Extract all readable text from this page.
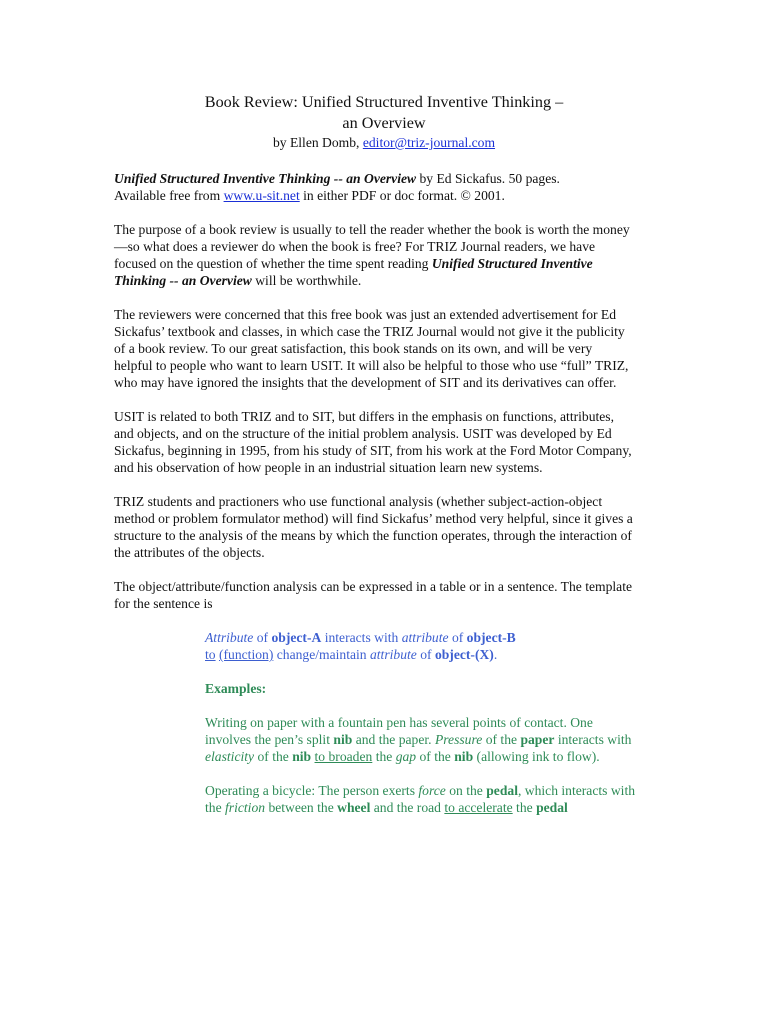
Book Review: Unified Structured Inventive Thinking –
an Overview
by Ellen Domb, editor@triz-journal.com

Unified Structured Inventive Thinking -- an Overview by Ed Sickafus. 50 pages.
Available free from www.u-sit.net in either PDF or doc format. © 2001.

The purpose of a book review is usually to tell the reader whether the book is worth the money—so what does a reviewer do when the book is free? For TRIZ Journal readers, we have focused on the question of whether the time spent reading Unified Structured Inventive Thinking -- an Overview will be worthwhile.

The reviewers were concerned that this free book was just an extended advertisement for Ed Sickafus’ textbook and classes, in which case the TRIZ Journal would not give it the publicity of a book review. To our great satisfaction, this book stands on its own, and will be very helpful to people who want to learn USIT. It will also be helpful to those who use “full” TRIZ, who may have ignored the insights that the development of SIT and its derivatives can offer.

USIT is related to both TRIZ and to SIT, but differs in the emphasis on functions, attributes, and objects, and on the structure of the initial problem analysis. USIT was developed by Ed Sickafus, beginning in 1995, from his study of SIT, from his work at the Ford Motor Company, and his observation of how people in an industrial situation learn new systems.

TRIZ students and practioners who use functional analysis (whether subject-action-object method or problem formulator method) will find Sickafus’ method very helpful, since it gives a structure to the analysis of the means by which the function operates, through the interaction of the attributes of the objects.

The object/attribute/function analysis can be expressed in a table or in a sentence. The template for the sentence is

Attribute of object-A interacts with attribute of object-B
to (function) change/maintain attribute of object-(X).

Examples:

Writing on paper with a fountain pen has several points of contact. One involves the pen’s split nib and the paper. Pressure of the paper interacts with elasticity of the nib to broaden the gap of the nib (allowing ink to flow).

Operating a bicycle: The person exerts force on the pedal, which interacts with the friction between the wheel and the road to accelerate the pedal
